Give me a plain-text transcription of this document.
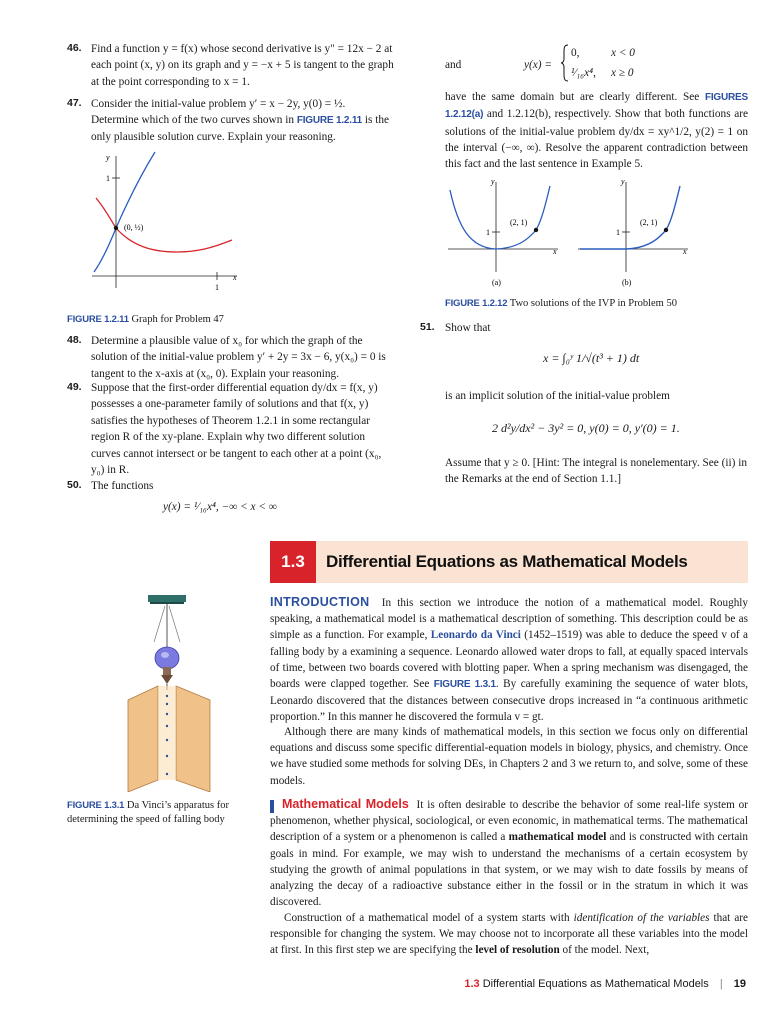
46. Find a function y = f(x) whose second derivative is y" = 12x − 2 at each point (x, y) on its graph and y = −x + 5 is tangent to the graph at the point corresponding to x = 1.
47. Consider the initial-value problem y′ = x − 2y, y(0) = ½. Determine which of the two curves shown in FIGURE 1.2.11 is the only plausible solution curve. Explain your reasoning.
y
1
x
1
(0, ½)
FIGURE 1.2.11 Graph for Problem 47
48. Determine a plausible value of x₀ for which the graph of the solution of the initial-value problem y′ + 2y = 3x − 6, y(x₀) = 0 is tangent to the x-axis at (x₀, 0). Explain your reasoning.
49. Suppose that the first-order differential equation dy/dx = f(x, y) possesses a one-parameter family of solutions and that f(x, y) satisfies the hypotheses of Theorem 1.2.1 in some rectangular region R of the xy-plane. Explain why two different solution curves cannot intersect or be tangent to each other at a point (x₀, y₀) in R.
50. The functions
y(x) = ¹⁄₁₆x⁴, −∞ < x < ∞
and	y(x) =
0,	x < 0
¹⁄₁₆x⁴, x ≥ 0
have the same domain but are clearly different. See FIGURES 1.2.12(a) and 1.2.12(b), respectively. Show that both functions are solutions of the initial-value problem dy/dx = xy^1/2, y(2) = 1 on the interval (−∞, ∞). Resolve the apparent contradiction between this fact and the last sentence in Example 5.
y
x
1
(2, 1)
(a)
y
x
1
(2, 1)
(b)
FIGURE 1.2.12 Two solutions of the IVP in Problem 50
51. Show that
x = ∫₀ʸ 1/√(t³ + 1) dt
is an implicit solution of the initial-value problem
2 d²y/dx² − 3y² = 0, y(0) = 0, y′(0) = 1.
Assume that y ≥ 0. [Hint: The integral is nonelementary. See (ii) in the Remarks at the end of Section 1.1.]
1.3	Differential Equations as Mathematical Models
FIGURE 1.3.1 Da Vinci’s apparatus for determining the speed of falling body
INTRODUCTION In this section we introduce the notion of a mathematical model. Roughly speaking, a mathematical model is a mathematical description of something. This description could be as simple as a function. For example, Leonardo da Vinci (1452–1519) was able to deduce the speed v of a falling body by a examining a sequence. Leonardo allowed water drops to fall, at equally spaced intervals of time, between two boards covered with blotting paper. When a spring mechanism was disengaged, the boards were clapped together. See FIGURE 1.3.1. By carefully examining the sequence of water blots, Leonardo discovered that the distances between consecutive drops increased in “a continuous arithmetic proportion.” In this manner he discovered the formula v = gt.
Although there are many kinds of mathematical models, in this section we focus only on differential equations and discuss some specific differential-equation models in biology, physics, and chemistry. Once we have studied some methods for solving DEs, in Chapters 2 and 3 we return to, and solve, some of these models.
Mathematical Models It is often desirable to describe the behavior of some real-life system or phenomenon, whether physical, sociological, or even economic, in mathematical terms. The mathematical description of a system or a phenomenon is called a mathematical model and is constructed with certain goals in mind. For example, we may wish to understand the mechanisms of a certain ecosystem by studying the growth of animal populations in that system, or we may wish to date fossils by means of analyzing the decay of a radioactive substance either in the fossil or in the stratum in which it was discovered.
Construction of a mathematical model of a system starts with identification of the variables that are responsible for changing the system. We may choose not to incorporate all these variables into the model at first. In this first step we are specifying the level of resolution of the model. Next,
1.3 Differential Equations as Mathematical Models | 19
